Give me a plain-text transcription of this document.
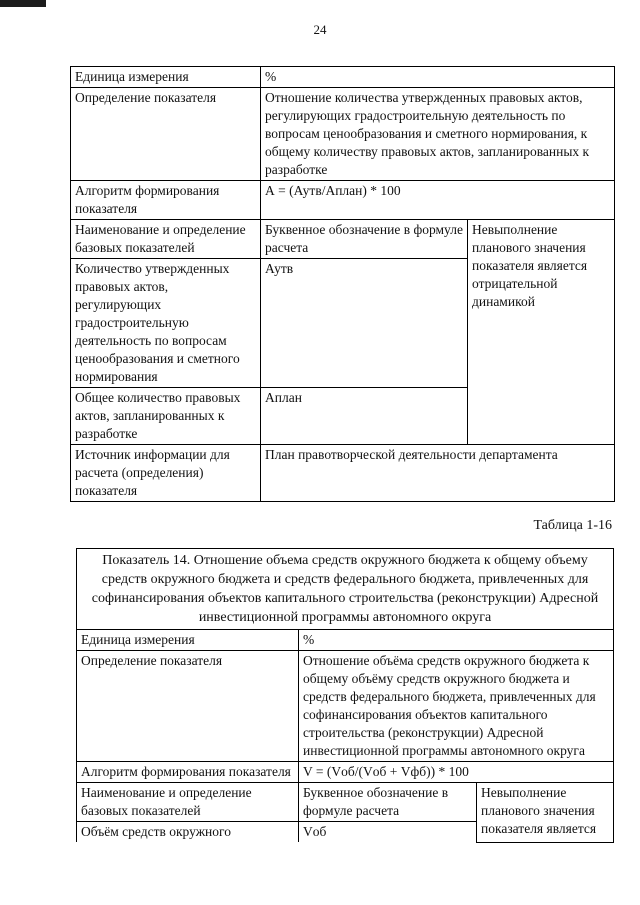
24
Единица измерения	%	
Определение показателя	Отношение количества утвержденных правовых актов, регулирующих градостроительную деятельность по вопросам ценообразования и сметного нормирования, к общему количеству правовых актов, запланированных к разработке	
Алгоритм формирования показателя	А = (Аутв/Аплан) * 100	
Наименование и определение базовых показателей	Буквенное обозначение в формуле расчета	Невыполнение планового значения показателя является отрицательной динамикой
Количество утвержденных правовых актов, регулирующих градостроительную деятельность по вопросам ценообразования и сметного нормирования	Аутв	
Общее количество правовых актов, запланированных к разработке	Аплан	
Источник информации для расчета (определения) показателя	План правотворческой деятельности департамента	
Таблица 1-16
Показатель 14. Отношение объема средств окружного бюджета к общему объему средств окружного бюджета и средств федерального бюджета, привлеченных для софинансирования объектов капитального строительства (реконструкции) Адресной инвестиционной программы автономного округа		
Единица измерения	%	
Определение показателя	Отношение объёма средств окружного бюджета к общему объёму средств окружного бюджета и средств федерального бюджета, привлеченных для софинансирования объектов капитального строительства (реконструкции) Адресной инвестиционной программы автономного округа	
Алгоритм формирования показателя	V = (Vоб/(Vоб + Vфб)) * 100	
Наименование и определение базовых показателей	Буквенное обозначение в формуле расчета	Невыполнение планового значения показателя является
Объём средств окружного	Vоб	
